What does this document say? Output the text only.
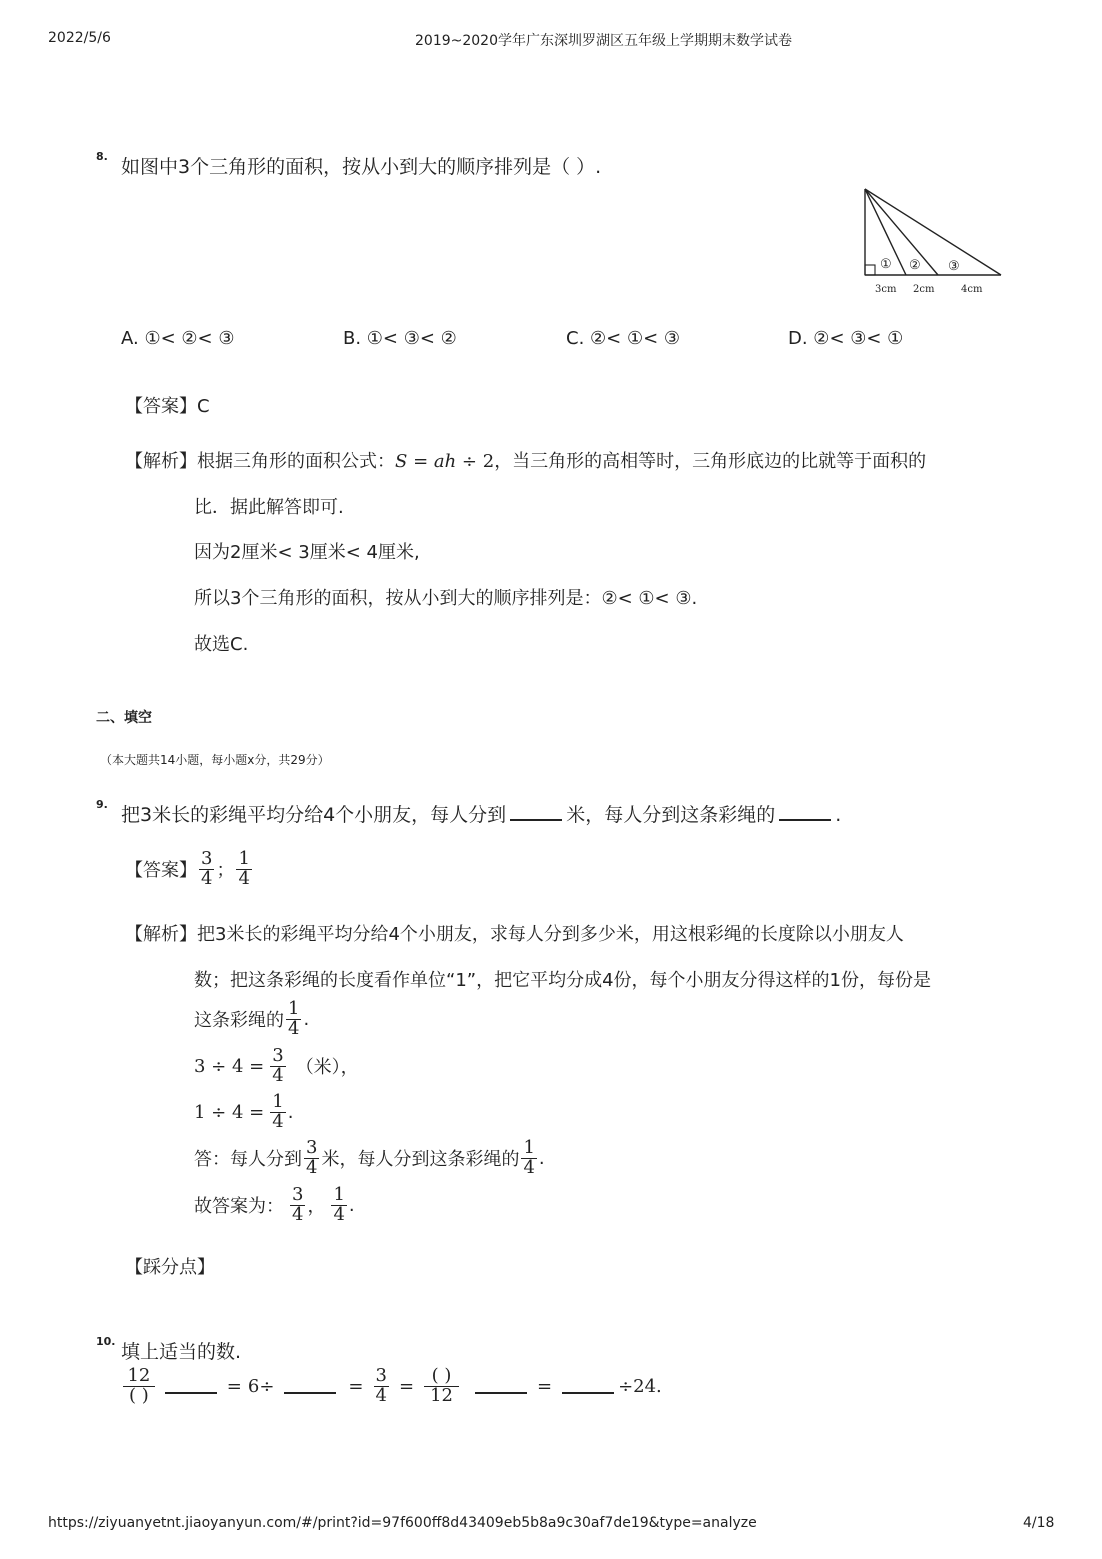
2022/5/6	2019~2020学年广东深圳罗湖区五年级上学期期末数学试卷
8. 如图中3个三角形的面积，按从小到大的顺序排列是（ ）.
① ② ③
3cm 2cm	4cm
A. ①< ②< ③	B. ①< ③< ②	C. ②< ①< ③	D. ②< ③< ①
【答案】C
【解析】根据三角形的面积公式：S = ah ÷ 2，当三角形的高相等时，三角形底边的比就等于面积的
比．据此解答即可.
因为2厘米< 3厘米< 4厘米,
所以3个三角形的面积，按从小到大的顺序排列是：②< ①< ③.
故选C.
二、填空
（本大题共14小题，每小题x分，共29分）
9. 把3米长的彩绳平均分给4个小朋友，每人分到	米，每人分到这条彩绳的	.
【答案】 $\frac{3}{4}$ ； $\frac{1}{4}$
【解析】把3米长的彩绳平均分给4个小朋友，求每人分到多少米，用这根彩绳的长度除以小朋友人
数；把这条彩绳的长度看作单位“1”，把它平均分成4份，每个小朋友分得这样的1份，每份是
这条彩绳的 $\frac{1}{4}$ .
$3 \div 4 = \frac{3}{4}$ （米），
$1 \div 4 = \frac{1}{4}$ .
答：每人分到 $\frac{3}{4}$ 米，每人分到这条彩绳的 $\frac{1}{4}$ .
故答案为： $\frac{3}{4}$ ， $\frac{1}{4}$ .
【踩分点】
10. 填上适当的数.
$\frac{12}{( )}$	= 6÷	= $\frac{3}{4} = \frac{( )}{12}$	=	÷24.
https://ziyuanyetnt.jiaoyanyun.com/#/print?id=97f600ff8d43409eb5b8a9c30af7de19&type=analyze	4/18
